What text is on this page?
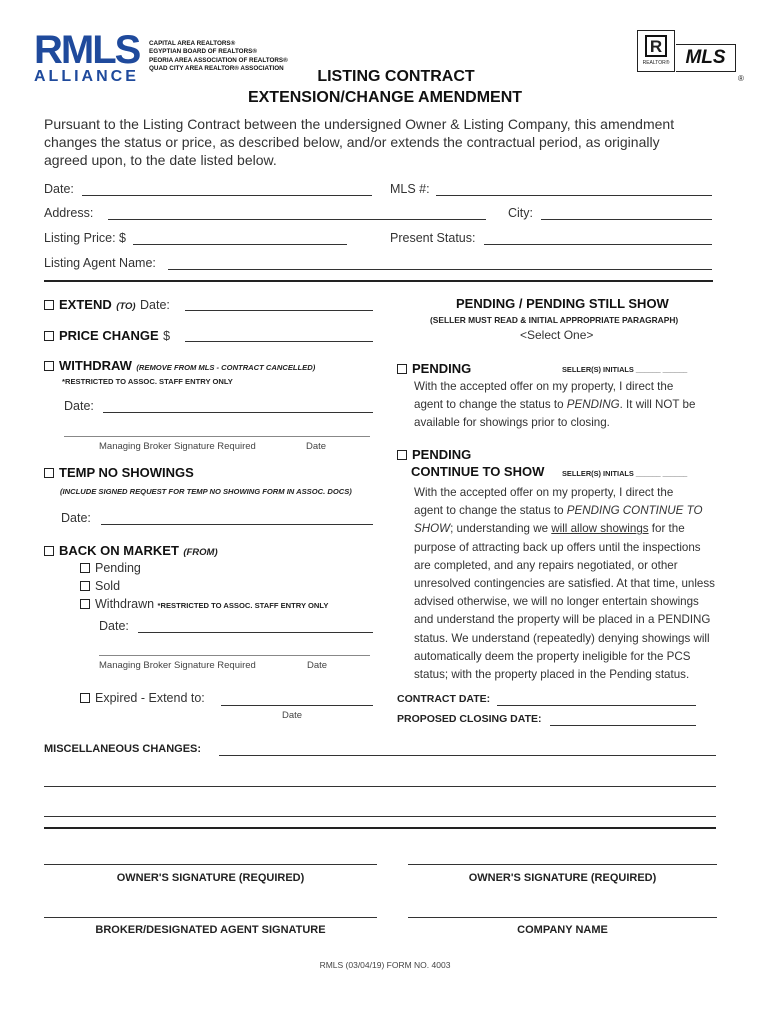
RMLS
ALLIANCE
CAPITAL AREA REALTORS®
EGYPTIAN BOARD OF REALTORS®
PEORIA AREA ASSOCIATION OF REALTORS®
QUAD CITY AREA REALTOR® ASSOCIATION
R
REALTOR® MLS
®
LISTING CONTRACT
EXTENSION/CHANGE AMENDMENT
Pursuant to the Listing Contract between the undersigned Owner & Listing Company, this amendment changes the status or price, as described below, and/or extends the contractual period, as originally agreed upon, to the date listed below.
Date:	MLS #:
Address:	City:
Listing Price: $	Present Status:
Listing Agent Name:
EXTEND (TO) Date:
PRICE CHANGE $
WITHDRAW (REMOVE FROM MLS - CONTRACT CANCELLED)
*RESTRICTED TO ASSOC. STAFF ENTRY ONLY
Date:
Managing Broker Signature Required	Date
TEMP NO SHOWINGS
(INCLUDE SIGNED REQUEST FOR TEMP NO SHOWING FORM IN ASSOC. DOCS)
Date:
BACK ON MARKET (FROM)
Pending
Sold
Withdrawn *RESTRICTED TO ASSOC. STAFF ENTRY ONLY
Date:
Managing Broker Signature Required	Date
Expired - Extend to:
Date
PENDING / PENDING STILL SHOW
(SELLER MUST READ & INITIAL APPROPRIATE PARAGRAPH)
<Select One>
PENDING	SELLER(S) INITIALS ______ ______
With the accepted offer on my property, I direct the
agent to change the status to PENDING. It will NOT be
available for showings prior to closing.
PENDING
CONTINUE TO SHOW SELLER(S) INITIALS ______ ______
With the accepted offer on my property, I direct the
agent to change the status to PENDING CONTINUE TO
SHOW; understanding we will allow showings for the
purpose of attracting back up offers until the inspections
are completed, and any repairs negotiated, or other
unresolved contingencies are satisfied. At that time, unless
advised otherwise, we will no longer entertain showings
and understand the property will be placed in a PENDING
status. We understand (repeatedly) denying showings will
automatically deem the property ineligible for the PCS
status; with the property placed in the Pending status.
CONTRACT DATE:
PROPOSED CLOSING DATE:
MISCELLANEOUS CHANGES:
OWNER'S SIGNATURE (REQUIRED)	OWNER'S SIGNATURE (REQUIRED)
BROKER/DESIGNATED AGENT SIGNATURE	COMPANY NAME
RMLS (03/04/19) FORM NO. 4003
